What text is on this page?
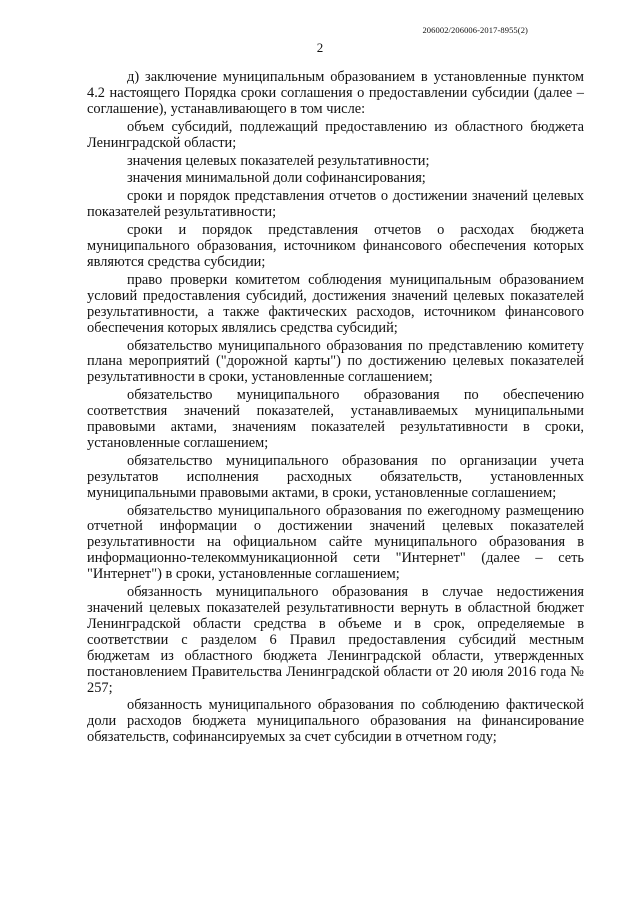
206002/206006-2017-8955(2)
2

д) заключение муниципальным образованием в установленные пунктом 4.2 настоящего Порядка сроки соглашения о предоставлении субсидии (далее – соглашение), устанавливающего в том числе:

объем субсидий, подлежащий предоставлению из областного бюджета Ленинградской области;

значения целевых показателей результативности;

значения минимальной доли софинансирования;

сроки и порядок представления отчетов о достижении значений целевых показателей результативности;

сроки и порядок представления отчетов о расходах бюджета муниципального образования, источником финансового обеспечения которых являются средства субсидии;

право проверки комитетом соблюдения муниципальным образованием условий предоставления субсидий, достижения значений целевых показателей результативности, а также фактических расходов, источником финансового обеспечения которых являлись средства субсидий;

обязательство муниципального образования по представлению комитету плана мероприятий ("дорожной карты") по достижению целевых показателей результативности в сроки, установленные соглашением;

обязательство муниципального образования по обеспечению соответствия значений показателей, устанавливаемых муниципальными правовыми актами, значениям показателей результативности в сроки, установленные соглашением;

обязательство муниципального образования по организации учета результатов исполнения расходных обязательств, установленных муниципальными правовыми актами, в сроки, установленные соглашением;

обязательство муниципального образования по ежегодному размещению отчетной информации о достижении значений целевых показателей результативности на официальном сайте муниципального образования в информационно-телекоммуникационной сети "Интернет" (далее – сеть "Интернет") в сроки, установленные соглашением;

обязанность муниципального образования в случае недостижения значений целевых показателей результативности вернуть в областной бюджет Ленинградской области средства в объеме и в срок, определяемые в соответствии с разделом 6 Правил предоставления субсидий местным бюджетам из областного бюджета Ленинградской области, утвержденных постановлением Правительства Ленинградской области от 20 июля 2016 года № 257;

обязанность муниципального образования по соблюдению фактической доли расходов бюджета муниципального образования на финансирование обязательств, софинансируемых за счет субсидии в отчетном году;
